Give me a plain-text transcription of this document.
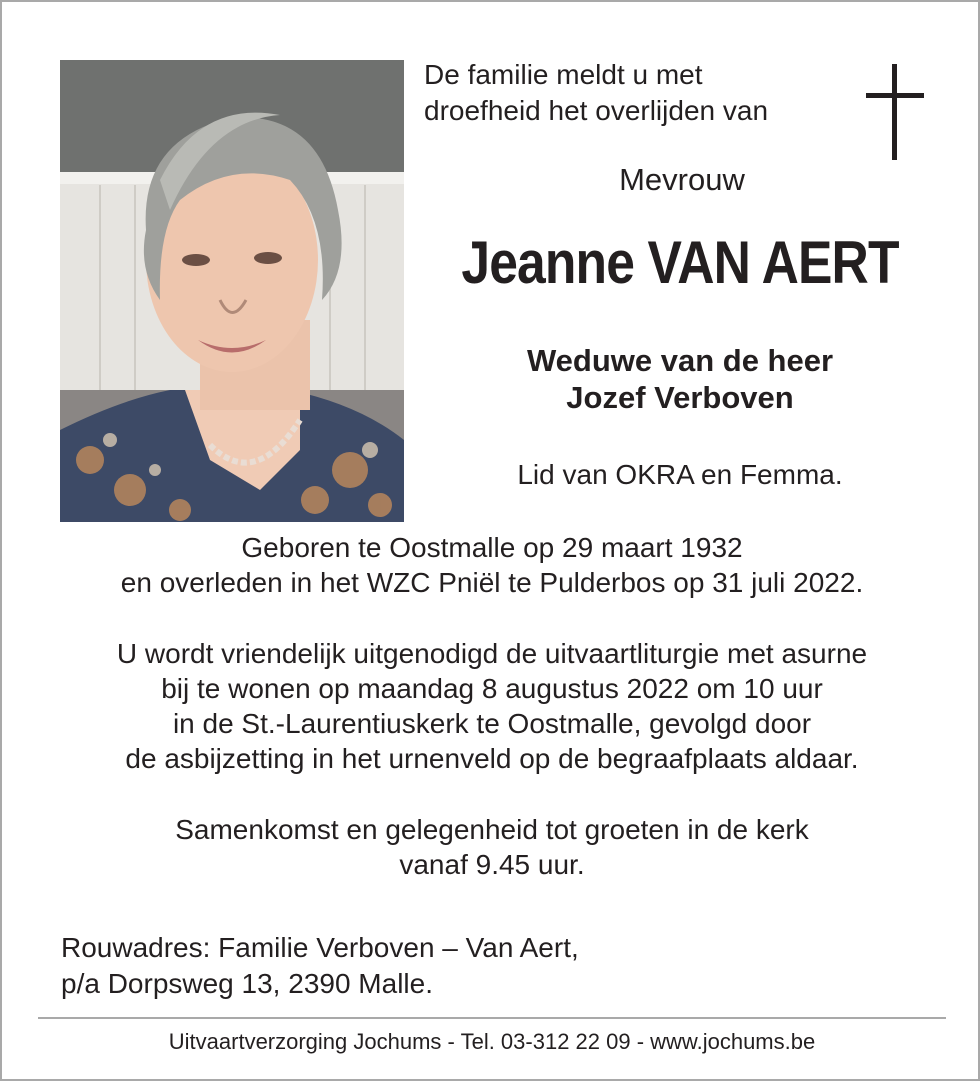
De familie meldt u met
droefheid het overlijden van
Mevrouw
Jeanne VAN AERT
Weduwe van de heer
Jozef Verboven
Lid van OKRA en Femma.
Geboren te Oostmalle op 29 maart 1932
en overleden in het WZC Pniël te Pulderbos op 31 juli 2022.
U wordt vriendelijk uitgenodigd de uitvaartliturgie met asurne
bij te wonen op maandag 8 augustus 2022 om 10 uur
in de St.-Laurentiuskerk te Oostmalle, gevolgd door
de asbijzetting in het urnenveld op de begraafplaats aldaar.
Samenkomst en gelegenheid tot groeten in de kerk
vanaf 9.45 uur.
Rouwadres: Familie Verboven – Van Aert,
p/a Dorpsweg 13, 2390 Malle.
Uitvaartverzorging Jochums - Tel. 03-312 22 09 - www.jochums.be
